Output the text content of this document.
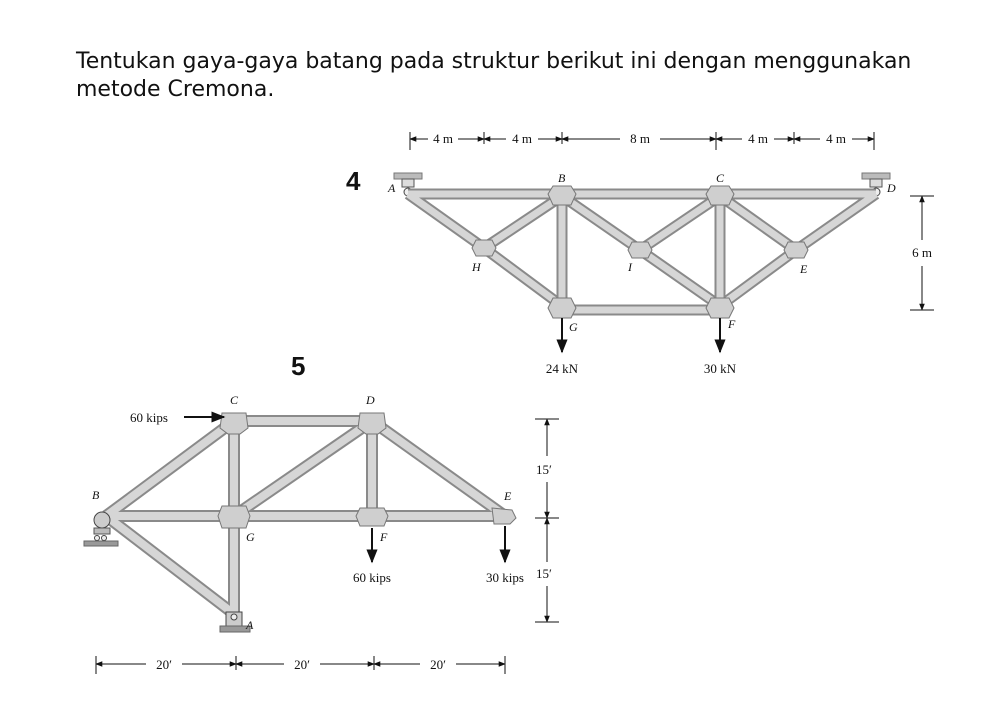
Tentukan gaya-gaya batang pada struktur berikut ini dengan menggunakan metode Cremona.

4
5
4 m	4 m	8 m	4 m	4 m
6 m
24 kN	30 kN
A
B	C
D
E
F
G
H	I
60 kips
60 kips	30 kips
A
B
C	D
E
F
G
15′
15′
20′	20′	20′
